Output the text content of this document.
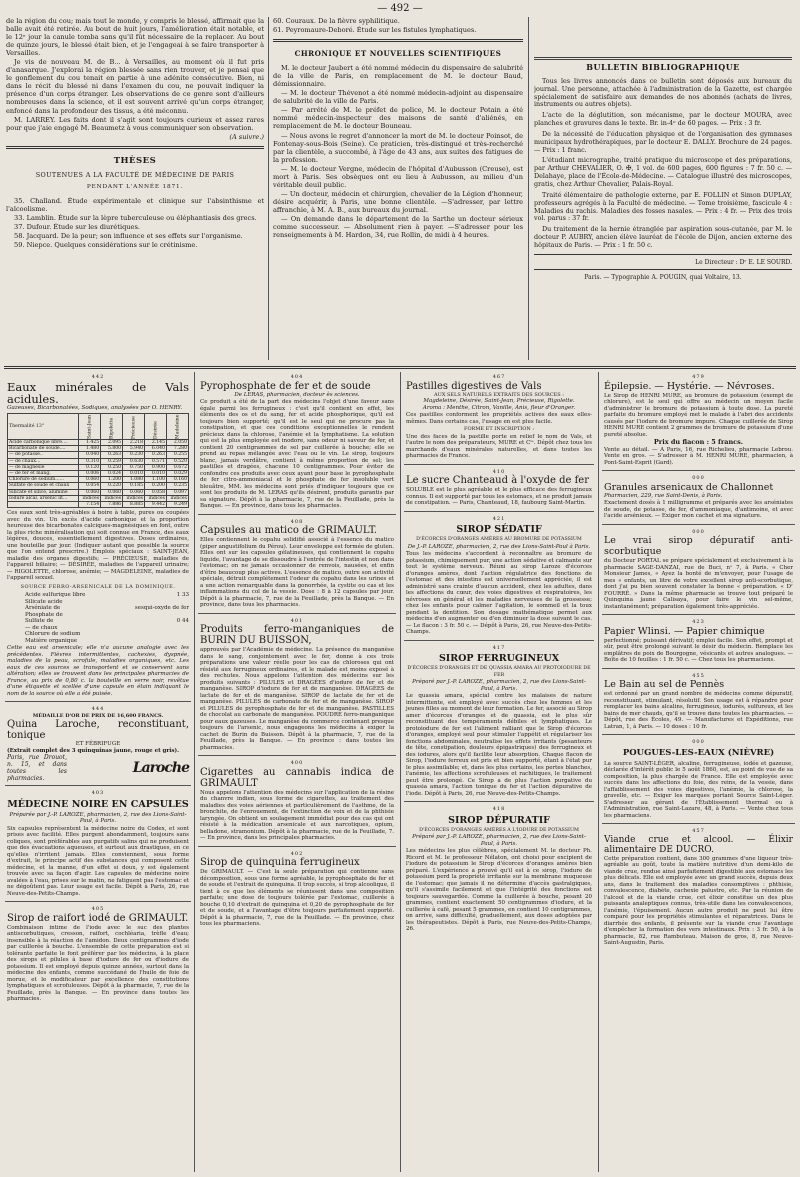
— 492 —

de la région du cou; mais tout le monde, y compris le blessé, affirmait que la balle avait été retirée. Au bout de huit jours, l'amélioration était notable, et le 12ᵉ jour la canule tomba sans qu'il fût nécessaire de la replacer. Au bout de quinze jours, le blessé était bien, et je l'engageai à se faire transporter à Versailles.

Je vis de nouveau M. de B... à Versailles, au moment où il fut pris d'anasarque. J'explorai la région blessée sans rien trouver, et je pensai que le gonflement du cou tenait en partie à une adénite consécutive. Bien, ni dans le récit du blessé ni dans l'examen du cou, ne pouvait indiquer la présence d'un corps étranger. Les observations de ce genre sont d'ailleurs nombreuses dans la science, et il est souvent arrivé qu'un corps étranger, enfoncé dans la profondeur des tissus, a été méconnu.

M. LARREY. Les faits dont il s'agit sont toujours curieux et assez rares pour que j'aie engagé M. Beaumetz à vous communiquer son observation.

(A suivre.)

THÈSES
SOUTENUES A LA FACULTÉ DE MÉDECINE DE PARIS
PENDANT L'ANNÉE 1871.

35. Challand. Étude expérimentale et clinique sur l'absinthisme et l'alcoolisme.

33. Lamblin. Étude sur la lèpre tuberculeuse ou éléphantiasis des grecs.

37. Dufour. Étude sur les diurétiques.

58. Jacquard. De la peur; son influence et ses effets sur l'organisme.

59. Niepce. Quelques considérations sur le crétinisme.

60. Couraux. De la fièvre syphilitique.

61. Peyromaure-Deboré. Étude sur les fistules lymphatiques.

CHRONIQUE ET NOUVELLES SCIENTIFIQUES

M. le docteur Jaubert a été nommé médecin du dispensaire de salubrité de la ville de Paris, en remplacement de M. le docteur Baud, démissionnaire.

— M. le docteur Thévenot a été nommé médecin-adjoint au dispensaire de salubrité de la ville de Paris.

— Par arrêté de M. le préfet de police, M. le docteur Potain a été nommé médecin-inspecteur des maisons de santé d'aliénés, en remplacement de M. le docteur Bouneau.

— Nous avons le regret d'annoncer la mort de M. le docteur Poinsot, de Fontenay-sous-Bois (Seine). Ce praticien, très-distingué et très-recherché par la clientèle, a succombé, à l'âge de 43 ans, aux suites des fatigues de la profession.

— M. le docteur Vergne, médecin de l'hôpital d'Aubusson (Creuse), est mort à Paris. Ses obsèques ont eu lieu à Aubusson, au milieu d'un véritable deuil public.

— Un docteur, médecin et chirurgien, chevalier de la Légion d'honneur, désire acquérir, à Paris, une bonne clientèle. —S'adresser, par lettre affranchie, à M. A. B., aux bureaux du journal.

— On demande dans le département de la Sarthe un docteur sérieux comme successeur. — Absolument rien à payer. —S'adresser pour les renseignements à M. Hardon, 34, rue Rollin, de midi à 4 heures.

BULLETIN BIBLIOGRAPHIQUE

Tous les livres annoncés dans ce bulletin sont déposés aux bureaux du journal. Une personne, attachée à l'administration de la Gazette, est chargée spécialement de satisfaire aux demandes de nos abonnés (achats de livres, instruments ou autres objets).

L'acte de la déglutition, son mécanisme, par le docteur MOURA, avec planches et gravures dans le texte. Br. in-4ᵒ de 60 pages. — Prix : 3 fr.

De la nécessité de l'éducation physique et de l'organisation des gymnases municipaux hydrothérapiques, par le docteur E. DALLY. Brochure de 24 pages. — Prix : 1 franc.

L'étudiant micrographe, traité pratique du microscope et des préparations, par Arthur CHEVALIER, O. ✠, 1 vol. de 600 pages, 600 figures : 7 fr. 50 c. — Delahaye, place de l'École-de-Médecine. — Catalogue illustré des microscopes, gratis, chez Arthur Chevalier, Palais-Royal.

Traité élémentaire de pathologie externe, par E. FOLLIN et Simon DUPLAY, professeurs agrégés à la Faculté de médecine. — Tome troisième, fascicule 4 : Maladies du rachis. Maladies des fosses nasales. — Prix : 4 fr. — Prix des trois vol. parus : 37 fr.

Du traitement de la hernie étranglée par aspiration sous-cutanée, par M. le docteur P. AUBRY, ancien élève lauréat de l'école de Dijon, ancien externe des hôpitaux de Paris. — Prix : 1 fr. 50 c.

Le Directeur : Dʳ E. LE SOURD.
Paris. — Typographie A. POUGIN, quai Voltaire, 13.
442
Eaux minérales de Vals acidules.
Gazeuses, Bicarbonatées, Sodiques, analysées par O. HENRY.
Thermalité 13°	Saint-Jean	Rigolette	Précieuse	Désirée	Madeleine
Acide carbonique libre....	1.425	2.095	2.218	2.145	2.050
Bicarbonate de soude....	1.480	5.800	5.940	6.040	7.280
— de potasse..	0.040	0.263	0.230	0.263	0.255
— de chaux...	0.310	0.259	0.630	0.571	0.520
— de magnésie	0.120	0.250	0.750	0.900	0.672
— de fer et mang.	0.006	0.024	0.010	0.010	0.029
Chlorure de sodium......	0.060	1.200	1.080	1.100	0.160
Sulfate de soude et chaux	0.054	0.220	0.185	0.200	0.235
Silicate et silice, alumine	0.060	0.060	0.060	0.058	0.097
Iodure alcal. arsenic lit...	indices	indices	indices	indices	indices
	7.154	7.886	8.885	9.442	9.249

Ces eaux sont très-agréables à boire à table, pures ou coupées avec du vin. Un excès d'acide carbonique et la proportion heureuse des bicarbonates calciques-magnésiques en font, outre la plus riche minéralisation qui soit connue en France, des eaux légères, douces, essentiellement digestives. Doses ordinaires, une bouteille par jour. (Indiquer autant que possible la source que l'on entend prescrire.) Emplois spéciaux : SAINT-JEAN, maladie des organes digestifs; — PRÉCIEUSE, maladies de l'appareil biliaire; — DÉSIRÉE, maladies de l'appareil urinaire; — RIGOLETTE, chlorose, anémie; — MAGDELEINE, maladies de l'appareil sexuel.

SOURCE FERRO-ARSENICALE DE LA DOMINIQUE.
Acide sulfurique libre	1 33
Silicate acide
Arséniate de	sesqui-oxyde de fer
Phosphate de
Sulfate de	0 44
— de chaux
Chlorure de sodium
Matière organique

Cette eau est arsenicale; elle n'a aucune analogie avec les précédentes. Fièvres intermittentes, cachexies, dyspnée, maladies de la peau, scrofule, maladies organiques, etc. Les eaux de ces sources se transportent et se conservent sans altération; elles se trouvent dans les principales pharmacies de France, au prix de 0,80 c. la bouteille en verre noir, revêtue d'une étiquette et scellée d'une capsule en étain indiquant le nom de la source où elle a été puisée.

444
MÉDAILLE D'OR DE PRIX DE 16,600 FRANCS.
Quina Laroche, reconstituant, tonique
ET FÉBRIFUGE
(Extrait complet des 3 quinquinas jaune, rouge et gris).
Paris, rue Drouot, n. 15, et dans toutes les pharmacies.
Laroche
403
MÉDECINE NOIRE EN CAPSULES
Préparée par J.-P. LAROZE, pharmacien, 2, rue des Lions-Saint-Paul, à Paris.

Six capsules représentent la médecine noire du Codex, et sont prises avec facilité. Elles purgent abondamment, toujours sans coliques, sont préférables aux purgatifs salins qui ne produisent que des évacuations aqueuses, et surtout aux drastiques, en ce qu'elles n'irritent jamais. Elles conviennent, sous forme d'extrait, le principe actif des substances qui composent cette médecine, et la manne, d'un effet si doux, y est également trouvée avec sa façon d'agir. Les capsules de médecine noire avalées à l'eau, prises sur le matin, ne fatiguent pas l'estomac et ne dégoûtent pas. Leur usage est facile. Dépôt à Paris, 26, rue Neuve-des-Petits-Champs.

405
Sirop de raifort iodé de GRIMAULT.

Combinaison intime de l'iode avec le suc des plantes antiscorbutiques, cresson, raifort, cochléaria, trèfle d'eau; insensible à la réaction de l'amidon. Deux centigrammes d'iode par cuillerée à bouche. L'ensemble de cette préparation est si tolérante parfaite le font préférer par les médecins, à la place des sirops et pilules à base d'iodure de fer ou d'iodure de potassium. Il est employé depuis quinze années, surtout dans la médecine des enfants, comme succédané de l'huile de foie de morue, et le modificateur par excellence des constitutions lymphatiques et scrofuleuses. Dépôt à la pharmacie, 7, rue de la Feuillade, près la Banque. — En province dans toutes les pharmacies.

404
Pyrophosphate de fer et de soude
De LERAS, pharmacien, docteur ès sciences.

Ce produit a été de la part des médecins l'objet d'une faveur sans égale parmi les ferrugineux : c'est qu'il contient en effet, les éléments des os et du sang, fer et acide phosphorique, qu'il est toujours bien supporté; qu'il est le seul qui ne procure pas la constipation, et que ces conditions exceptionnelles le rendent précieux dans la chlorose, l'anémie et la lymphatisme. La solution qui est la plus employée est inodore, sans odeur ni saveur de fer, et contient 20 centigrammes de sel par cuillerée à bouche; elle se prend au repas mélangée avec l'eau ou le vin. Le sirop, toujours blanc, jamais verdâtre, contient à même proportion de sel; les pastilles et dragées, chacune 10 centigrammes. Pour éviter de confondre ces produits avec ceux ayant pour base le pyrophosphate de fer citro-ammoniacal et le phosphate de fer insoluble vert bleuâtre, MM. les médecins sont priés d'indiquer toujours que ce sont les produits de M. LERAS qu'ils désirent, produits garantis par sa signature. Dépôt à la pharmacie, 7, rue de la Feuillade, près la Banque. — En province, dans tous les pharmacies.

408
Capsules au matico de GRIMAULT.

Elles contiennent le copahu solidifié associé à l'essence du matico (piper angustifolium du Pérou). Leur enveloppe est formée de gluten. Elles ont sur les capsules gélatineuses, qui contiennent le copahu liquide, l'avantage de se dissoudre à l'entrée de l'intestin et non dans l'estomac; on ne jamais occasionner de renvois, nausées, et enfin d'être beaucoup plus actives. L'essence de matico, outre son activité spéciale, détruit complètement l'odeur du copahu dans les urines et a une action remarquable dans la gonorrhée, la cystite ou cas et les inflammations du col de la vessie. Dose : 8 à 12 capsules par jour. Dépôt à la pharmacie, 7, rue de la Feuillade, près la Banque. — En province, dans tous les pharmacies.

401
Produits ferro-manganiques de BURIN DU BUISSON,

approuvés par l'Académie de médecine. La présence du manganèse dans le sang, conjointement avec le fer, donne à ces trois préparations une valeur réelle pour les cas de chloroses qui ont résisté aux ferrugineux ordinaires, et le malade est moins exposé à des rechutes. Nous appelons l'attention des médecins sur les produits suivants : PILULES et DRAGÉES d'iodure de fer et de manganèse. SIROP d'iodure de fer et de manganèse. DRAGÉES de lactate de fer et de manganèse. SIROP de lactate de fer et de manganèse. PILULES de carbonate de fer et de manganèse. SIROP et PILULES de pyrophosphate de fer et de manganèse. PASTILLES de chocolat au carbonate de manganèse. POUDRE ferro-manganique pour eaux gazeuses. Le manganèse du commerce contenant presque toujours de l'arsenic, nous engageons les médecins à exiger la cachet de Burin du Buisson. Dépôt à la pharmacie, 7, rue de la Feuillade, près la Banque. — En province : dans toutes les pharmacies.

400
Cigarettes au cannabis indica de GRIMAULT

Nous appelons l'attention des médecins sur l'application de la résine du chanvre indien, sous forme de cigarettes, au traitement des maladies des voies aériennes et particulièrement de l'asthme, de la bronchite, de l'enrouement, de l'extinction de voix et de la phthisie laryngée. On obtient un soulagement immédiat pour des cas qui ont résisté à la médication arsenicale et aux narcotiques, opium, belladone, stramonium. Dépôt à la pharmacie, rue de la Feuillade, 7. — En province, dans les principales pharmacies.

402
Sirop de quinquina ferrugineux

De GRIMAULT. — C'est la seule préparation qui contienne sans décomposition, sous une forme agréable, le pyrophosphate de fer et de soude et l'extrait de quinquina. Il trop succès, si trop alcoolique, il tient à ce que les éléments se réunissent dans une composition parfaite; une dose de toujours tolérée par l'estomac, cuillerée à bouche 0,10 d'extrait de quinquina et 0,20 de pyrophosphate de fer et de soude, et a l'avantage d'être toujours parfaitement supporté. Dépôt à la pharmacie, 7, rue de la Feuillade. — En province, chez tous les pharmaciens.

467
Pastilles digestives de Vals
AUX SELS NATURELS EXTRAITS DES SOURCES :
Magdeleine, Désirée, Saint-Jean, Précieuse, Rigolette.
Aroma : Menthe, Citron, Vanille, Anis, fleur d'Oranger.

Ces pastilles conforment les propriétés actives des eaux elles-mêmes. Dans certains cas, l'usage en est plus facile.

FORME ET INSCRIPTION :

Une des faces de la pastille porte en relief le nom de Vals, et l'autre le nom des préparateurs, MURE et Cⁱᵉ. Dépôt chez tous les marchands d'eaux minérales naturelles, et dans toutes les pharmacies de France.

410
Le sucre Chanteaud à l'oxyde de fer

SOLUBLE est le plus agréable et le plus efficace des ferrugineux connus. Il est supporté par tous les estomacs, et ne produit jamais de constipation. — Paris, Chanteaud, 18, faubourg Saint-Martin.

421
SIROP SÉDATIF
D'ÉCORCES D'ORANGES AMÈRES AU BROMURE DE POTASSIUM
De J.-P. LAROZE, pharmacien, 2, rue des Lions-Saint-Paul à Paris.

Tous les médecins s'accordent à reconnaître au bromure de potassium, chimiquement pur, une action sédative et calmante sur tout le système nerveux. Réuni au sirop Laroze d'écorces d'oranges amères, dont l'action régulatrice des fonctions de l'estomac et des intestins est universellement appréciée, il est administré sans crainte d'aucun accident, chez les adultes, dans les affections du cœur, des voies digestives et respiratoires, les névroses en général et les maladies nerveuses de la grossesse; chez les enfants pour calmer l'agitation, le sommeil et la toux pendant la dentition. Son dosage mathématique permet aux médecins d'en augmenter ou d'en diminuer la dose suivant le cas. — Le flacon : 3 fr. 50 c. — Dépôt à Paris, 26, rue Neuve-des-Petits-Champs.

417
SIROP FERRUGINEUX
D'ÉCORCES D'ORANGES ET DE QUASSIA AMARA AU PROTOIODURE DE FER
Préparé par J.-P. LAROZE, pharmacien, 2, rue des Lions-Saint-Paul, à Paris.

Le quassia amara, spécial contre les malaises de nature intermittente, est employé avec succès chez les femmes et les jeunes filles au moment de leur formation. Le fer, associé au Sirop amer d'écorces d'oranges et de quassia, est le plus sûr reconstituant des tempéraments débiles et lymphatiques. Le protoiodure de fer est l'aliment ralliant que le Sirop d'écorces d'oranges, employé seul pour stimuler l'appétit et régulariser les fonctions abdominales, neutralise les effets irritants (pesanteurs de tête, constipation, douleurs épigastriques) des ferrugineux et des iodures, alors qu'il facilite leur absorption. Chaque flacon de Sirop, l'iodure ferreux est pris et bien supporté, étant à l'état pur le plus assimilable; et, dans les plus certains, les pertes blanches, l'anémie, les affections scrofuleuses et rachitiques, le traitement peut être prolongé. Ce Sirop a de plus l'action purgative du quassia amara, l'action tonique du fer et l'action dépurative de l'iode. Dépôt à Paris, 26, rue Neuve-des-Petits-Champs.

418
SIROP DÉPURATIF
D'ÉCORCES D'ORANGES AMÈRES A L'IODURE DE POTASSIUM
Préparé par J.-P. LAROZE, pharmacien, 2, rue des Lions-Saint-Paul, à Paris.

Les médecins les plus célèbres, spécialement M. le docteur Ph. Ricord et M. le professeur Nélaton, ont choisi pour excipient de l'iodure de potassium le Sirop d'écorces d'oranges amères bien préparé. L'expérience a prouvé qu'il est à ce sirop, l'iodure de potassium perd la propriété irritante sur la membrane muqueuse de l'estomac; que jamais il ne détermine d'accès gastralgiques, qu'il s'assimile facilement et que l'intégrité des fonctions est toujours sauvegardée. Comme la cuillerée à bouche, pesant 20 grammes, contient exactement 50 centigrammes d'iodure, et la cuillerée à café, pesant 5 grammes, en contient 10 centigrammes, on arrive, sans difficulté, graduellement, aux doses adoptées par les thérapeutistes. Dépôt à Paris, rue Neuve-des-Petits-Champs, 26.

479
Épilepsie. — Hystérie. — Névroses.

Le Sirop de HENRI MURE, au bromure de potassium (exempt de chlorure), est le seul qui offre au médecin un moyen facile d'administrer le bromure de potassium à toute dose. La pureté parfaite du bromure employé met le malade à l'abri des accidents causés par l'iodure de bromure impure. Chaque cuillerée de Sirop HENRI MURE contient 2 grammes de bromure de potassium d'une pureté absolue.

Prix du flacon : 5 francs.

Vente au détail. — A Paris, 16, rue Richelieu, pharmacie Lebrou. Vente en gros. — S'adresser à M. HENRI MURE, pharmacien, à Pont-Saint-Esprit (Gard).

000
Granules arsenicaux de Challonnet
Pharmacien, 229, rue Saint-Denis, à Paris.

Exactement dosés à 1 milligramme et préparés avec les arséniates de soude, de potasse, de fer, d'ammoniaque, d'antimoine, et avec l'acide arsénieux. — Exiger mon cachet et ma signature.

000
Le vrai sirop dépuratif anti-scorbutique

du Docteur PORTAL se prépare spécialement et exclusivement à la pharmacie SAGE-DANZAI, rue de Buci, nᵒ 7, à Paris. « Cher Monsieur James, « Ayez la bonté de m'envoyer, pour l'usage de mes « enfants, un litre de votre excellent sirop anti-scorbutique, dont j'ai pu bien souvent constater la bonne « préparation. « Dʳ FOURRÉ. » Dans la même pharmacie se trouve tout préparé le Quinquina jaune Calisaya, pour faire le vin sel-même, instantanément; préparation également très-appréciée.

423
Papier Wlinsi. — Papier chimique

perfectionné; puissant dérivatif; emploi facile. Son effet, prompt et sûr, peut être prolongé suivant le désir du médecin. Remplace les emplâtres de poix de Bourgogne, vésicants et autres analogues. — Boîte de 10 feuilles : 1 fr. 50 c. — Chez tous les pharmaciens.

455
Le Bain au sel de Pennès

est ordonné par un grand nombre de médecins comme dépuratif, reconstituant, stimulant, résolutif. Son usage est à répandre pour remplacer les bains alcalins, ferrugineux, iodurés, sulfureux, et les bains de mer chauds, qu'il se trouve dans toutes les pharmacies. — Dépôt, rue des Écoles, 49. — Manufactures et Expéditions, rue Latran, 1, à Paris. — 10 doses : 10 fr.

000
POUGUES-LES-EAUX (NIÈVRE)

La source SAINT-LÉGER, alcaline, ferrugineuse, iodée et gazeuse, déclarée d'intérêt public le 5 août 1860, est, au point de vue de sa composition, la plus chargée de France. Elle est employée avec succès dans les affections du foie, des reins, de la vessie, dans l'affaiblissement des voies digestives, l'anémie, la chlorose, la gravelle, etc. — Exiger les marques portant Source Saint-Léger. S'adresser au gérant de l'Établissement thermal ou à l'Administration, rue Saint-Lazare, 48, à Paris. — Vente chez tous les pharmaciens.

457
Viande crue et alcool. — Élixir alimentaire DE DUCRO.

Cette préparation contient, dans 300 grammes d'une liqueur très-agréable au goût, toute la matière nutritive d'un demi-kilo de viande crue, rendue ainsi parfaitement digestible aux estomacs les plus délicats. Elle est employée avec un grand succès, depuis deux ans, dans le traitement des maladies consomptives : phthisie, convalescence, diabète, cachexie palustre, etc. Par la réunion de l'alcool et de la viande crue, cet élixir constitue un des plus puissants analeptiques connus, très-utile dans les convalescences, l'anémie, l'épuisement. Aucun autre produit ne peut lui être comparé pour les propriétés stimulantes et réparatrices. Dans le diarrhée des enfants, il présente sur la viande crue l'avantage d'empêcher la formation des vers intestinaux. Prix : 3 fr. 50, à la pharmacie, 82, rue Rambuteau. Maison de gros, 8, rue Neuve-Saint-Augustin, Paris.
